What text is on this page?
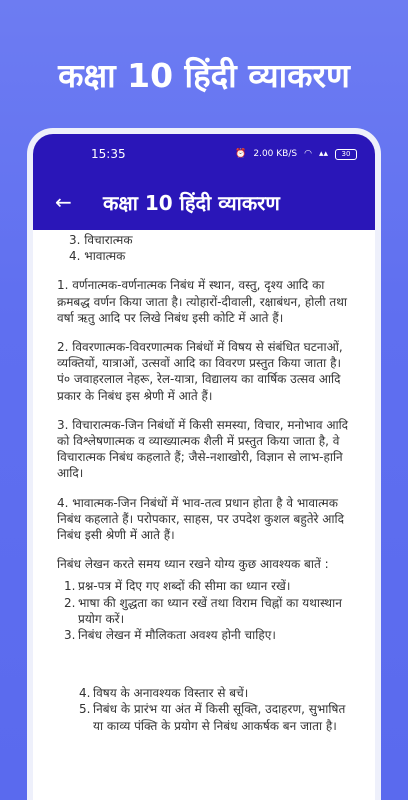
कक्षा 10 हिंदी व्याकरण
15:35	⏰ 2.00 KB/S ◠ ▴▴	30
←	कक्षा 10 हिंदी व्याकरण
3. विचारात्मक
4. भावात्मक

1. वर्णनात्मक-वर्णनात्मक निबंध में स्थान, वस्तु, दृश्य आदि का क्रमबद्ध वर्णन किया जाता है। त्योहारों-दीवाली, रक्षाबंधन, होली तथा वर्षा ऋतु आदि पर लिखे निबंध इसी कोटि में आते हैं।

2. विवरणात्मक-विवरणात्मक निबंधों में विषय से संबंधित घटनाओं, व्यक्तियों, यात्राओं, उत्सवों आदि का विवरण प्रस्तुत किया जाता है। पं० जवाहरलाल नेहरू, रेल-यात्रा, विद्यालय का वार्षिक उत्सव आदि प्रकार के निबंध इस श्रेणी में आते हैं।

3. विचारात्मक-जिन निबंधों में किसी समस्या, विचार, मनोभाव आदि को विश्लेषणात्मक व व्याख्यात्मक शैली में प्रस्तुत किया जाता है, वे विचारात्मक निबंध कहलाते हैं; जैसे-नशाखोरी, विज्ञान से लाभ-हानि आदि।

4. भावात्मक-जिन निबंधों में भाव-तत्व प्रधान होता है वे भावात्मक निबंध कहलाते हैं। परोपकार, साहस, पर उपदेश कुशल बहुतेरे आदि निबंध इसी श्रेणी में आते हैं।

निबंध लेखन करते समय ध्यान रखने योग्य कुछ आवश्यक बातें :

1. प्रश्न-पत्र में दिए गए शब्दों की सीमा का ध्यान रखें।
2. भाषा की शुद्धता का ध्यान रखें तथा विराम चिह्नों का यथास्थान प्रयोग करें।
3. निबंध लेखन में मौलिकता अवश्य होनी चाहिए।
4. विषय के अनावश्यक विस्तार से बचें।
5. निबंध के प्रारंभ या अंत में किसी सूक्ति, उदाहरण, सुभाषित या काव्य पंक्ति के प्रयोग से निबंध आकर्षक बन जाता है।
